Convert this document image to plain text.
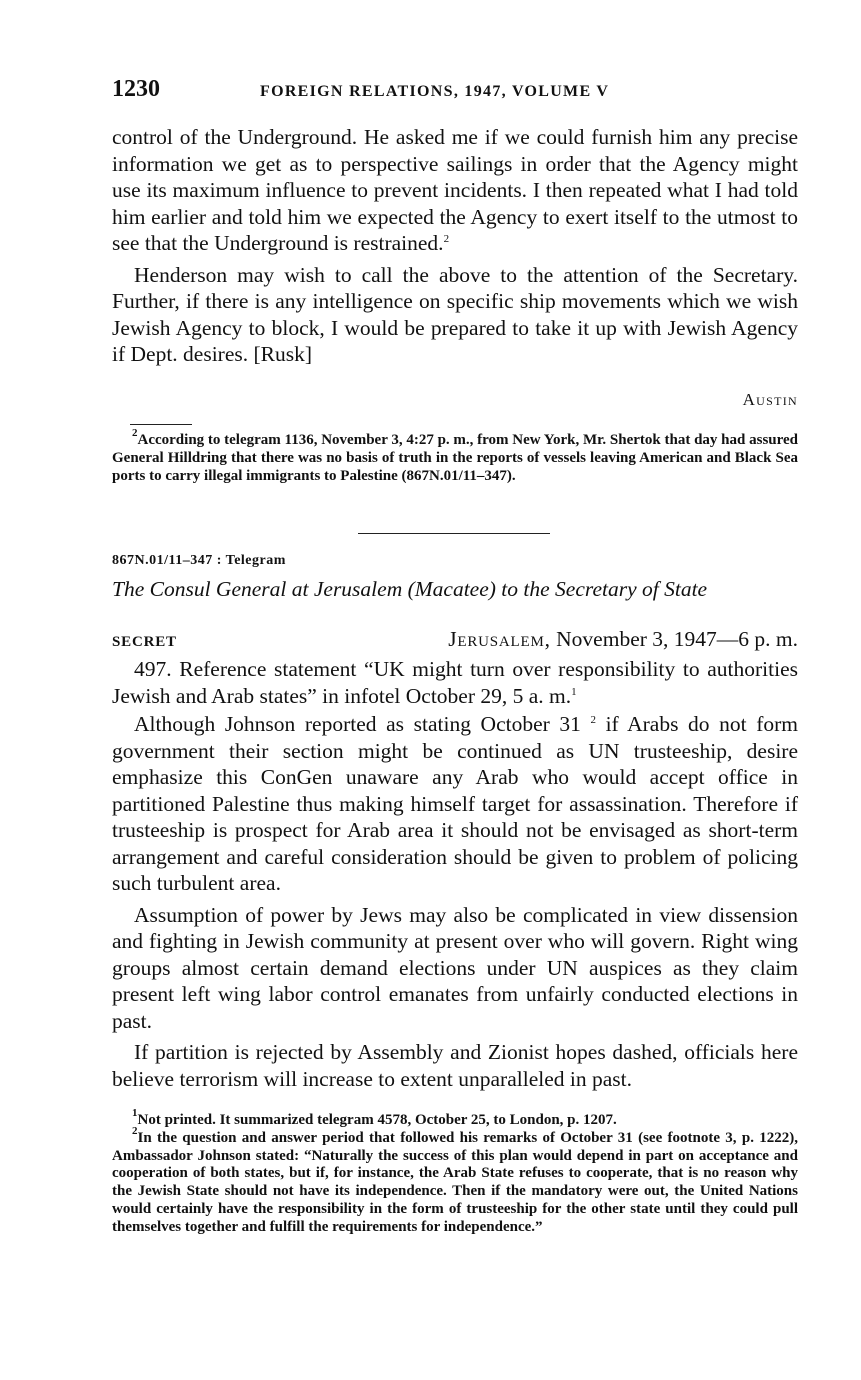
1230	FOREIGN RELATIONS, 1947, VOLUME V

control of the Underground. He asked me if we could furnish him any precise information we get as to perspective sailings in order that the Agency might use its maximum influence to prevent incidents. I then repeated what I had told him earlier and told him we expected the Agency to exert itself to the utmost to see that the Underground is restrained.$^2$

Henderson may wish to call the above to the attention of the Secretary. Further, if there is any intelligence on specific ship movements which we wish Jewish Agency to block, I would be prepared to take it up with Jewish Agency if Dept. desires. [Rusk]

Austin

$^2$According to telegram 1136, November 3, 4:27 p. m., from New York, Mr. Shertok that day had assured General Hilldring that there was no basis of truth in the reports of vessels leaving American and Black Sea ports to carry illegal immigrants to Palestine (867N.01/11–347).

867N.01/11–347 : Telegram
The Consul General at Jerusalem (Macatee) to the Secretary of State
SECRET	Jerusalem, November 3, 1947—6 p. m.

497. Reference statement “UK might turn over responsibility to authorities Jewish and Arab states” in infotel October 29, 5 a. m.$^1$

Although Johnson reported as stating October 31 $^2$ if Arabs do not form government their section might be continued as UN trusteeship, desire emphasize this ConGen unaware any Arab who would accept office in partitioned Palestine thus making himself target for assassination. Therefore if trusteeship is prospect for Arab area it should not be envisaged as short-term arrangement and careful consideration should be given to problem of policing such turbulent area.

Assumption of power by Jews may also be complicated in view dissension and fighting in Jewish community at present over who will govern. Right wing groups almost certain demand elections under UN auspices as they claim present left wing labor control emanates from unfairly conducted elections in past.

If partition is rejected by Assembly and Zionist hopes dashed, officials here believe terrorism will increase to extent unparalleled in past.

$^1$Not printed. It summarized telegram 4578, October 25, to London, p. 1207.

$^2$In the question and answer period that followed his remarks of October 31 (see footnote 3, p. 1222), Ambassador Johnson stated: “Naturally the success of this plan would depend in part on acceptance and cooperation of both states, but if, for instance, the Arab State refuses to cooperate, that is no reason why the Jewish State should not have its independence. Then if the mandatory were out, the United Nations would certainly have the responsibility in the form of trusteeship for the other state until they could pull themselves together and fulfill the requirements for independence.”
